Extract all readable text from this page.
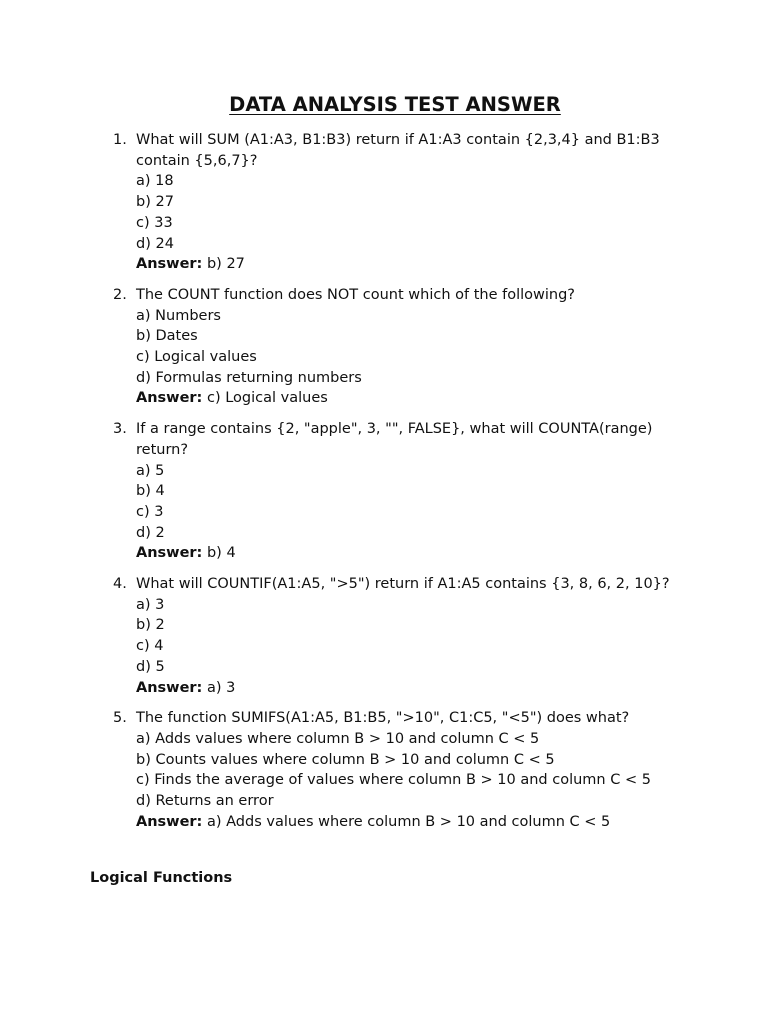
DATA ANALYSIS TEST ANSWER
1. What will SUM (A1:A3, B1:B3) return if A1:A3 contain {2,3,4} and B1:B3 contain {5,6,7}?
a) 18
b) 27
c) 33
d) 24
Answer: b) 27
2. The COUNT function does NOT count which of the following?
a) Numbers
b) Dates
c) Logical values
d) Formulas returning numbers
Answer: c) Logical values
3. If a range contains {2, "apple", 3, "", FALSE}, what will COUNTA(range) return?
a) 5
b) 4
c) 3
d) 2
Answer: b) 4
4. What will COUNTIF(A1:A5, ">5") return if A1:A5 contains {3, 8, 6, 2, 10}?
a) 3
b) 2
c) 4
d) 5
Answer: a) 3
5. The function SUMIFS(A1:A5, B1:B5, ">10", C1:C5, "<5") does what?
a) Adds values where column B > 10 and column C < 5
b) Counts values where column B > 10 and column C < 5
c) Finds the average of values where column B > 10 and column C < 5
d) Returns an error
Answer: a) Adds values where column B > 10 and column C < 5
Logical Functions
